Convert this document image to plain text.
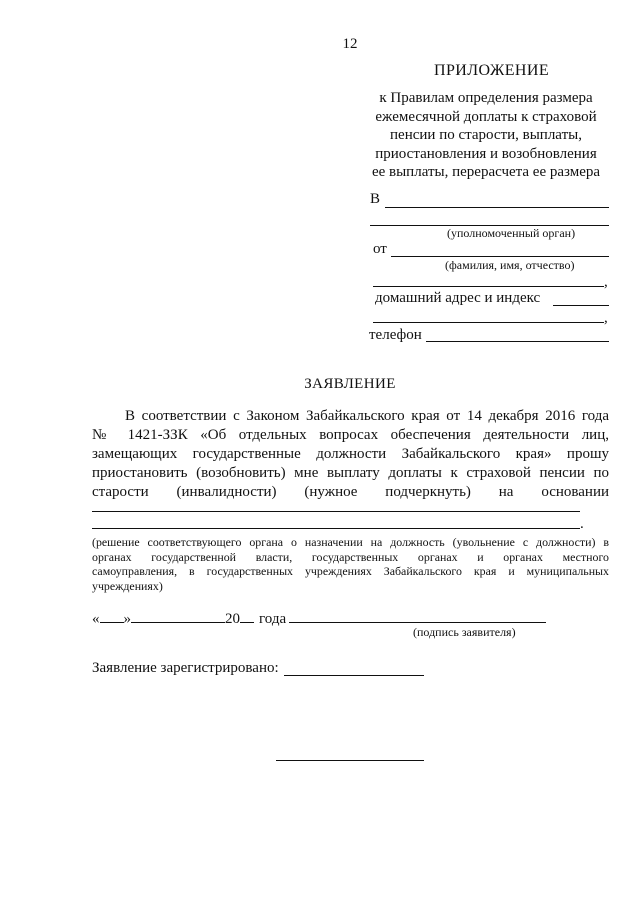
12
ПРИЛОЖЕНИЕ
к Правилам определения размера
ежемесячной доплаты к страховой
пенсии по старости, выплаты,
приостановления и возобновления
ее выплаты, перерасчета ее размера
В
(уполномоченный орган)
от
(фамилия, имя, отчество)
,
домашний адрес и индекс
,
телефон
ЗАЯВЛЕНИЕ
В соответствии с Законом Забайкальского края от 14 декабря 2016 года
№ 1421-ЗЗК «Об отдельных вопросах обеспечения деятельности лиц,
замещающих государственные должности Забайкальского края» прошу
приостановить (возобновить) мне выплату доплаты к страховой пенсии по
старости (инвалидности) (нужное подчеркнуть) на основании
.
(решение соответствующего органа о назначении на должность (увольнение с должности) в
органах государственной власти, государственных органах и органах местного
самоуправления, в государственных учреждениях Забайкальского края и муниципальных
учреждениях)
« »	20 года
(подпись заявителя)
Заявление зарегистрировано:
